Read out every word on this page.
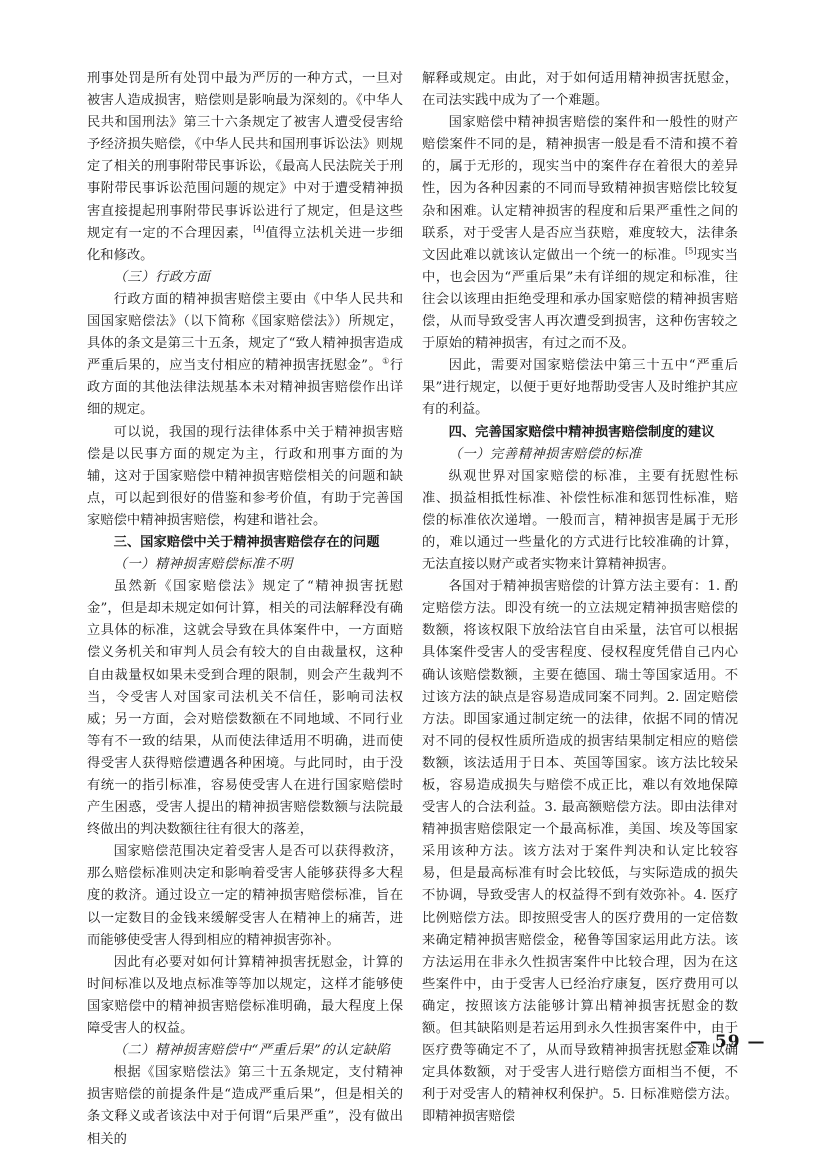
刑事处罚是所有处罚中最为严厉的一种方式，一旦对被害人造成损害，赔偿则是影响最为深刻的。《中华人民共和国刑法》第三十六条规定了被害人遭受侵害给予经济损失赔偿，《中华人民共和国刑事诉讼法》则规定了相关的刑事附带民事诉讼，《最高人民法院关于刑事附带民事诉讼范围问题的规定》中对于遭受精神损害直接提起刑事附带民事诉讼进行了规定，但是这些规定有一定的不合理因素，[4]值得立法机关进一步细化和修改。

（三）行政方面

行政方面的精神损害赔偿主要由《中华人民共和国国家赔偿法》（以下简称《国家赔偿法》）所规定，具体的条文是第三十五条，规定了“致人精神损害造成严重后果的，应当支付相应的精神损害抚慰金”。①行政方面的其他法律法规基本未对精神损害赔偿作出详细的规定。

可以说，我国的现行法律体系中关于精神损害赔偿是以民事方面的规定为主，行政和刑事方面的为辅，这对于国家赔偿中精神损害赔偿相关的问题和缺点，可以起到很好的借鉴和参考价值，有助于完善国家赔偿中精神损害赔偿，构建和谐社会。

三、国家赔偿中关于精神损害赔偿存在的问题
（一）精神损害赔偿标准不明

虽然新《国家赔偿法》规定了“精神损害抚慰金”，但是却未规定如何计算，相关的司法解释没有确立具体的标准，这就会导致在具体案件中，一方面赔偿义务机关和审判人员会有较大的自由裁量权，这种自由裁量权如果未受到合理的限制，则会产生裁判不当，令受害人对国家司法机关不信任，影响司法权威；另一方面，会对赔偿数额在不同地域、不同行业等有不一致的结果，从而使法律适用不明确，进而使得受害人获得赔偿遭遇各种困境。与此同时，由于没有统一的指引标准，容易使受害人在进行国家赔偿时产生困惑，受害人提出的精神损害赔偿数额与法院最终做出的判决数额往往有很大的落差，

国家赔偿范围决定着受害人是否可以获得救济，那么赔偿标准则决定和影响着受害人能够获得多大程度的救济。通过设立一定的精神损害赔偿标准，旨在以一定数目的金钱来缓解受害人在精神上的痛苦，进而能够使受害人得到相应的精神损害弥补。

因此有必要对如何计算精神损害抚慰金，计算的时间标准以及地点标准等等加以规定，这样才能够使国家赔偿中的精神损害赔偿标准明确，最大程度上保障受害人的权益。

（二）精神损害赔偿中“严重后果”的认定缺陷

根据《国家赔偿法》第三十五条规定，支付精神损害赔偿的前提条件是“造成严重后果”，但是相关的条文释义或者该法中对于何谓“后果严重”，没有做出相关的

解释或规定。由此，对于如何适用精神损害抚慰金，在司法实践中成为了一个难题。

国家赔偿中精神损害赔偿的案件和一般性的财产赔偿案件不同的是，精神损害一般是看不清和摸不着的，属于无形的，现实当中的案件存在着很大的差异性，因为各种因素的不同而导致精神损害赔偿比较复杂和困难。认定精神损害的程度和后果严重性之间的联系，对于受害人是否应当获赔，难度较大，法律条文因此难以就该认定做出一个统一的标准。[5]现实当中，也会因为“严重后果”未有详细的规定和标准，往往会以该理由拒绝受理和承办国家赔偿的精神损害赔偿，从而导致受害人再次遭受到损害，这种伤害较之于原始的精神损害，有过之而不及。

因此，需要对国家赔偿法中第三十五中“严重后果”进行规定，以便于更好地帮助受害人及时维护其应有的利益。

四、完善国家赔偿中精神损害赔偿制度的建议
（一）完善精神损害赔偿的标准

纵观世界对国家赔偿的标准，主要有抚慰性标准、损益相抵性标准、补偿性标准和惩罚性标准，赔偿的标准依次递增。一般而言，精神损害是属于无形的，难以通过一些量化的方式进行比较准确的计算，无法直接以财产或者实物来计算精神损害。

各国对于精神损害赔偿的计算方法主要有：1. 酌定赔偿方法。即没有统一的立法规定精神损害赔偿的数额，将该权限下放给法官自由采量，法官可以根据具体案件受害人的受害程度、侵权程度凭借自己内心确认该赔偿数额，主要在德国、瑞士等国家适用。不过该方法的缺点是容易造成同案不同判。2. 固定赔偿方法。即国家通过制定统一的法律，依据不同的情况对不同的侵权性质所造成的损害结果制定相应的赔偿数额，该法适用于日本、英国等国家。该方法比较呆板，容易造成损失与赔偿不成正比，难以有效地保障受害人的合法利益。3. 最高额赔偿方法。即由法律对精神损害赔偿限定一个最高标准，美国、埃及等国家采用该种方法。该方法对于案件判决和认定比较容易，但是最高标准有时会比较低，与实际造成的损失不协调，导致受害人的权益得不到有效弥补。4. 医疗比例赔偿方法。即按照受害人的医疗费用的一定倍数来确定精神损害赔偿金，秘鲁等国家运用此方法。该方法运用在非永久性损害案件中比较合理，因为在这些案件中，由于受害人已经治疗康复，医疗费用可以确定，按照该方法能够计算出精神损害抚慰金的数额。但其缺陷则是若运用到永久性损害案件中，由于医疗费等确定不了，从而导致精神损害抚慰金难以确定具体数额，对于受害人进行赔偿方面相当不便，不利于对受害人的精神权利保护。5. 日标准赔偿方法。即精神损害赔偿

— 59 —
